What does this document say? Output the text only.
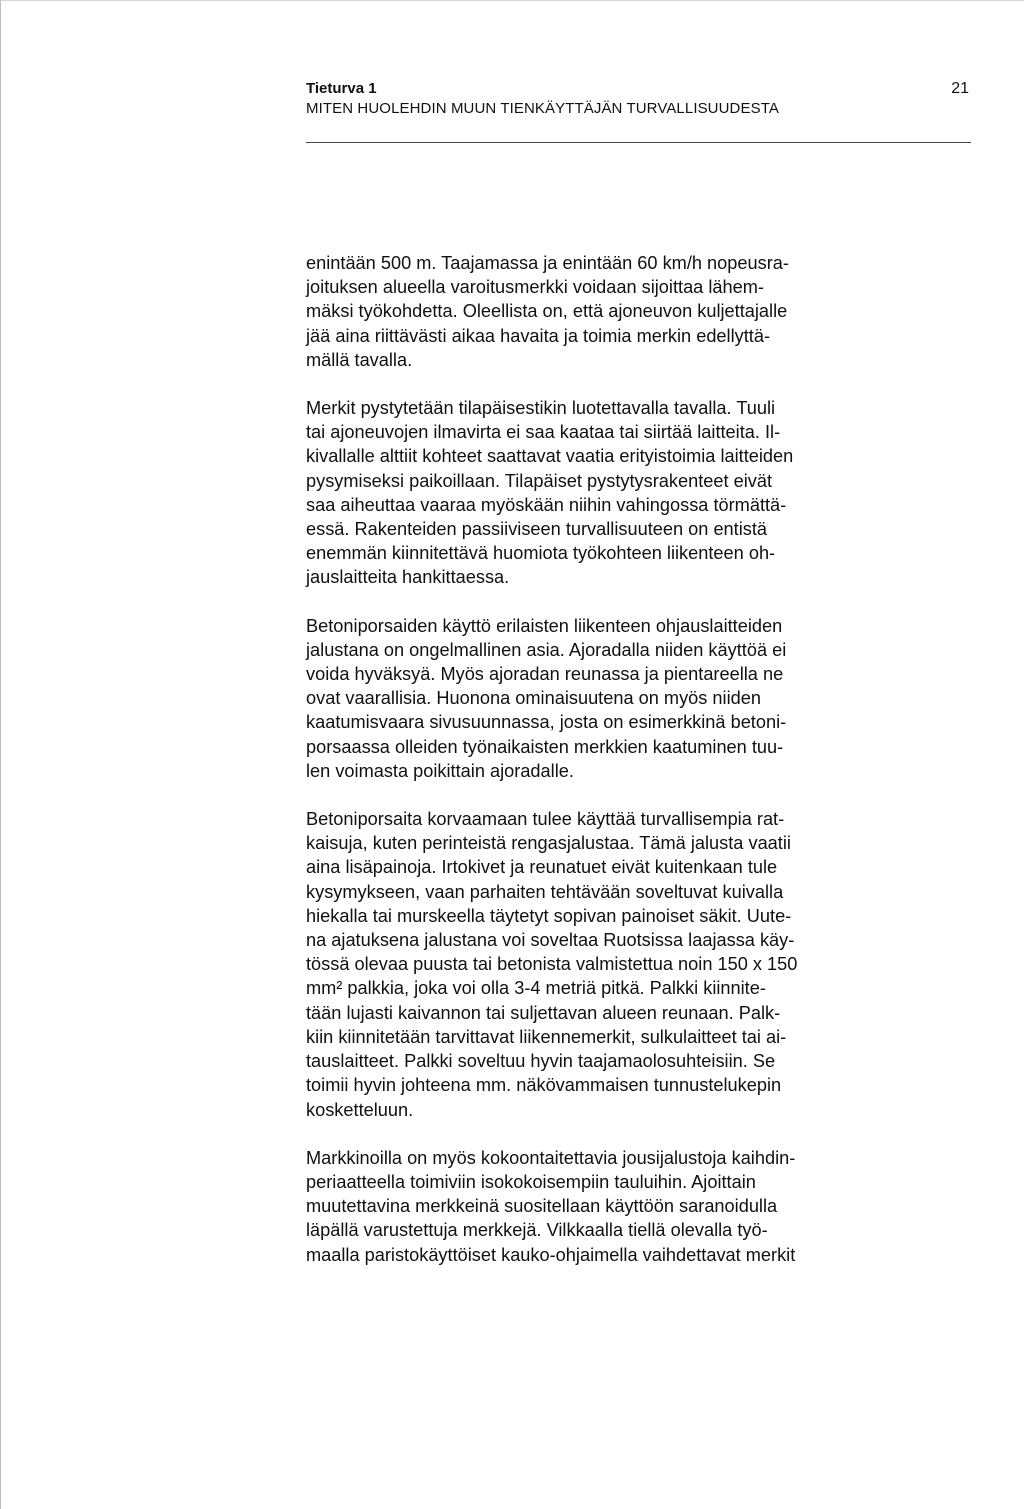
Tieturva 1

MITEN HUOLEHDIN MUUN TIENKÄYTTÄJÄN TURVALLISUUDESTA

21

enintään 500 m. Taajamassa ja enintään 60 km/h nopeusra-
joituksen alueella varoitusmerkki voidaan sijoittaa lähem-
mäksi työkohdetta. Oleellista on, että ajoneuvon kuljettajalle
jää aina riittävästi aikaa havaita ja toimia merkin edellyttä-
mällä tavalla.

Merkit pystytetään tilapäisestikin luotettavalla tavalla. Tuuli
tai ajoneuvojen ilmavirta ei saa kaataa tai siirtää laitteita. Il-
kivallalle alttiit kohteet saattavat vaatia erityistoimia laitteiden
pysymiseksi paikoillaan. Tilapäiset pystytysrakenteet eivät
saa aiheuttaa vaaraa myöskään niihin vahingossa törmättä-
essä. Rakenteiden passiiviseen turvallisuuteen on entistä
enemmän kiinnitettävä huomiota työkohteen liikenteen oh-
jauslaitteita hankittaessa.

Betoniporsaiden käyttö erilaisten liikenteen ohjauslaitteiden
jalustana on ongelmallinen asia. Ajoradalla niiden käyttöä ei
voida hyväksyä. Myös ajoradan reunassa ja pientareella ne
ovat vaarallisia. Huonona ominaisuutena on myös niiden
kaatumisvaara sivusuunnassa, josta on esimerkkinä betoni-
porsaassa olleiden työnaikaisten merkkien kaatuminen tuu-
len voimasta poikittain ajoradalle.

Betoniporsaita korvaamaan tulee käyttää turvallisempia rat-
kaisuja, kuten perinteistä rengasjalustaa. Tämä jalusta vaatii
aina lisäpainoja. Irtokivet ja reunatuet eivät kuitenkaan tule
kysymykseen, vaan parhaiten tehtävään soveltuvat kuivalla
hiekalla tai murskeella täytetyt sopivan painoiset säkit. Uute-
na ajatuksena jalustana voi soveltaa Ruotsissa laajassa käy-
tössä olevaa puusta tai betonista valmistettua noin 150 x 150
mm² palkkia, joka voi olla 3-4 metriä pitkä. Palkki kiinnite-
tään lujasti kaivannon tai suljettavan alueen reunaan. Palk-
kiin kiinnitetään tarvittavat liikennemerkit, sulkulaitteet tai ai-
tauslaitteet. Palkki soveltuu hyvin taajamaolosuhteisiin. Se
toimii hyvin johteena mm. näkövammaisen tunnustelukepin
kosketteluun.

Markkinoilla on myös kokoontaitettavia jousijalustoja kaihdin-
periaatteella toimiviin isokokoisempiin tauluihin. Ajoittain
muutettavina merkkeinä suositellaan käyttöön saranoidulla
läpällä varustettuja merkkejä. Vilkkaalla tiellä olevalla työ-
maalla paristokäyttöiset kauko-ohjaimella vaihdettavat merkit
